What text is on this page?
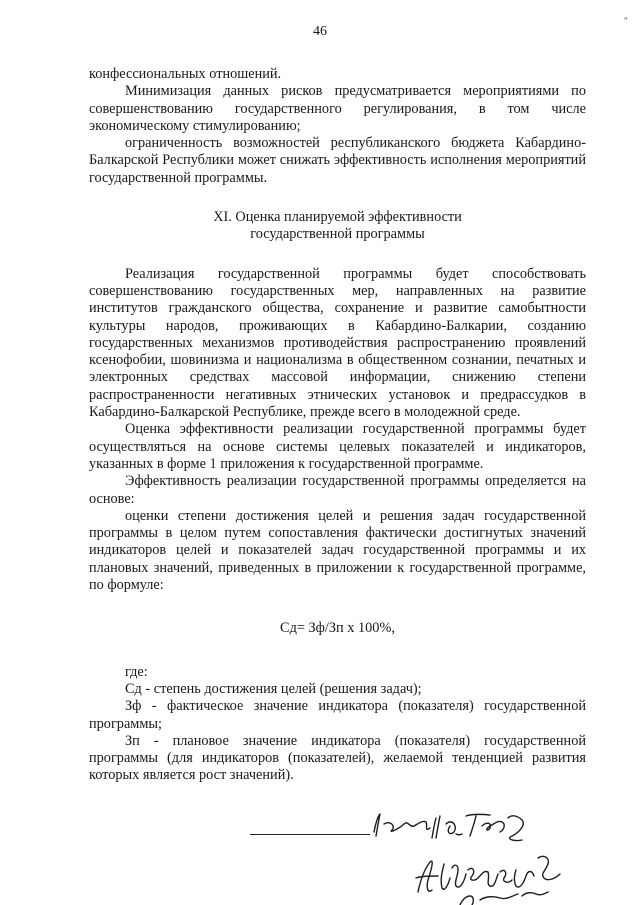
46
"

конфессиональных отношений.

Минимизация данных рисков предусматривается мероприятиями по совершенствованию государственного регулирования, в том числе экономическому стимулированию;

ограниченность возможностей республиканского бюджета Кабардино-Балкарской Республики может снижать эффективность исполнения мероприятий государственной программы.

XI. Оценка планируемой эффективности
государственной программы

Реализация государственной программы будет способствовать совершенствованию государственных мер, направленных на развитие институтов гражданского общества, сохранение и развитие самобытности культуры народов, проживающих в Кабардино-Балкарии, созданию государственных механизмов противодействия распространению проявлений ксенофобии, шовинизма и национализма в общественном сознании, печатных и электронных средствах массовой информации, снижению степени распространенности негативных этнических установок и предрассудков в Кабардино-Балкарской Республике, прежде всего в молодежной среде.

Оценка эффективности реализации государственной программы будет осуществляться на основе системы целевых показателей и индикаторов, указанных в форме 1 приложения к государственной программе.

Эффективность реализации государственной программы определяется на основе:

оценки степени достижения целей и решения задач государственной программы в целом путем сопоставления фактически достигнутых значений индикаторов целей и показателей задач государственной программы и их плановых значений, приведенных в приложении к государственной программе, по формуле:

Сд= Зф/Зп х 100%,

где:

Сд - степень достижения целей (решения задач);

Зф - фактическое значение индикатора (показателя) государственной программы;

Зп - плановое значение индикатора (показателя) государственной программы (для индикаторов (показателей), желаемой тенденцией развития которых является рост значений).
